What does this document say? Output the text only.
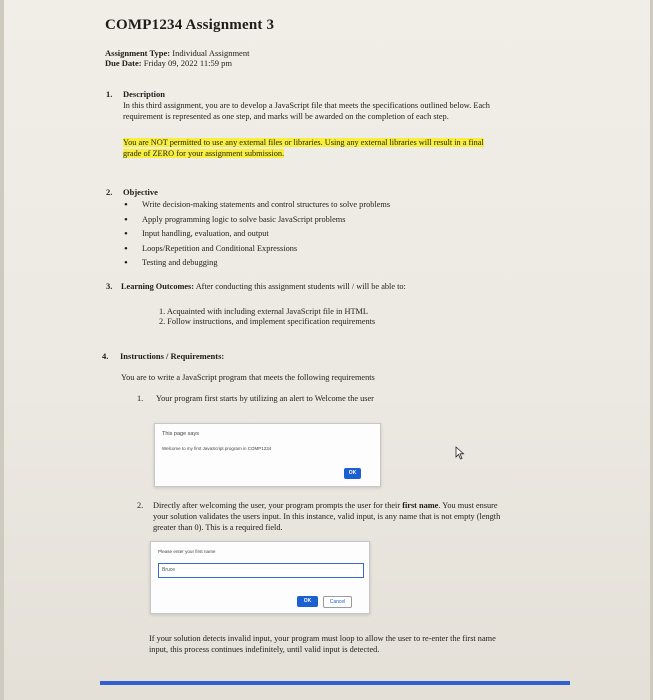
COMP1234 Assignment 3
Assignment Type: Individual Assignment
Due Date: Friday 09, 2022 11:59 pm
1. Description
In this third assignment, you are to develop a JavaScript file that meets the specifications outlined below. Each
requirement is represented as one step, and marks will be awarded on the completion of each step.
You are NOT permitted to use any external files or libraries. Using any external libraries will result in a final
grade of ZERO for your assignment submission.
2. Objective
• Write decision-making statements and control structures to solve problems
• Apply programming logic to solve basic JavaScript problems
• Input handling, evaluation, and output
• Loops/Repetition and Conditional Expressions
• Testing and debugging
3. Learning Outcomes: After conducting this assignment students will / will be able to:
1. Acquainted with including external JavaScript file in HTML
2. Follow instructions, and implement specification requirements
4. Instructions / Requirements:
You are to write a JavaScript program that meets the following requirements
1. Your program first starts by utilizing an alert to Welcome the user
This page says
Welcome to my first JavaScript program in COMP1234
OK
2. Directly after welcoming the user, your program prompts the user for their first name. You must ensure
your solution validates the users input. In this instance, valid input, is any name that is not empty (length
greater than 0). This is a required field.
Please enter your first name
Bruce
OK	Cancel
If your solution detects invalid input, your program must loop to allow the user to re-enter the first name
input, this process continues indefinitely, until valid input is detected.
